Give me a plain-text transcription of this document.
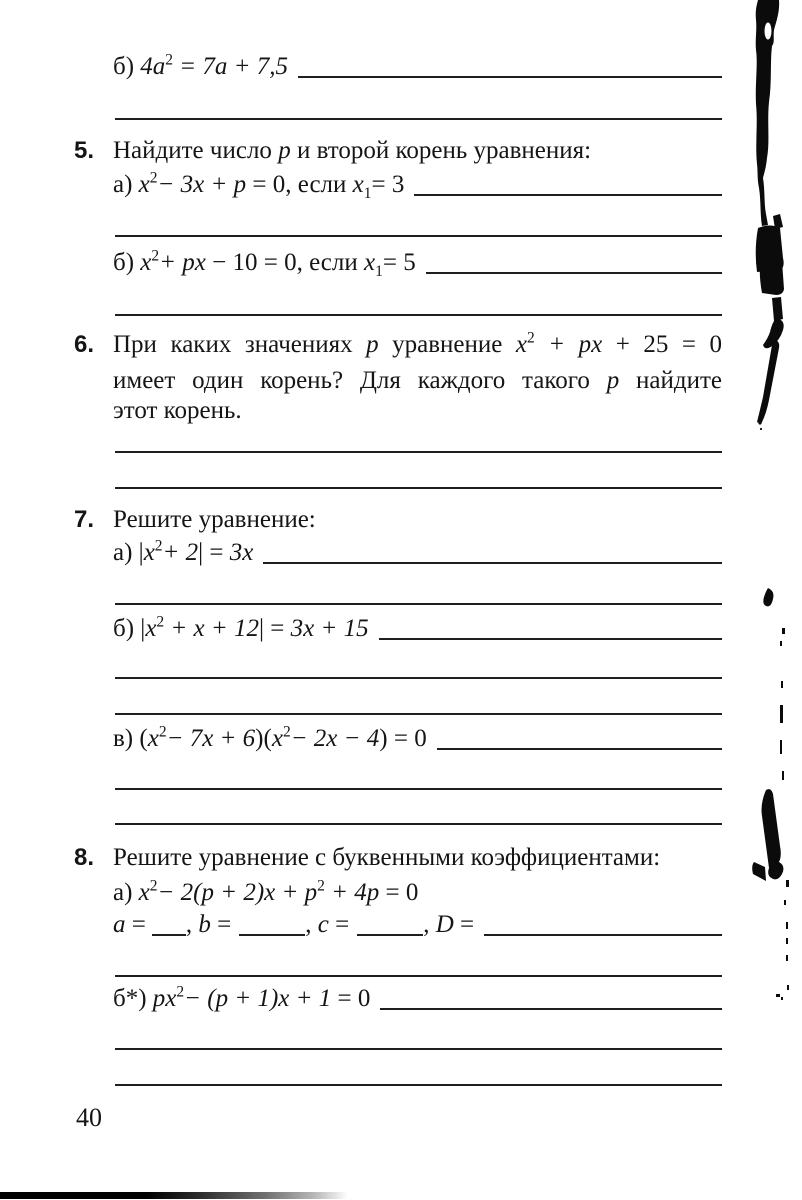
б) $4a^2 = 7a + 7,5$
5. Найдите число p и второй корень уравнения:
а) $x^2- 3x + p = 0$, если $x_1= 3$
б) $x^2+$ px − 10 = 0, если $x_1= 5$
6. При каких значениях p уравнение $x^2$ + px + 25 = 0
имеет один корень? Для каждого такого p найдите
этот корень.
7. Решите уравнение:
а) $|x^2+ 2| = 3x$
б) $|x^2 + x + 12| = 3x + 15$
в) $(x^2- 7x + 6)(x^2- 2x - 4) = 0$
8. Решите уравнение с буквенными коэффициентами:
а) $x^2- 2(p + 2)x + p^2 + 4p = 0$
a = , b =	, c =	, D =
б*) $px^2- (p + 1)x + 1 = 0$
40
